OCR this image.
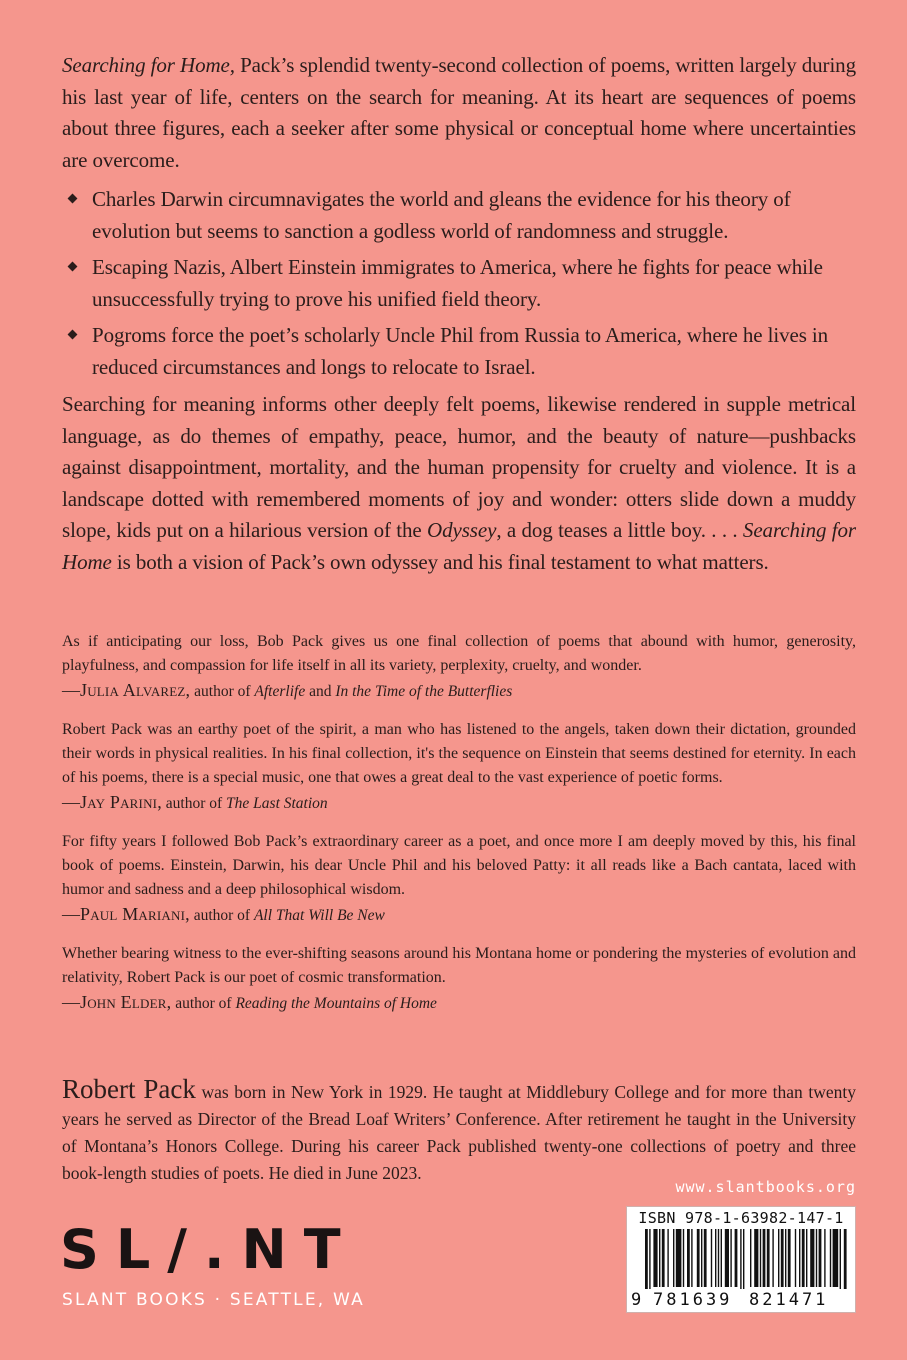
Searching for Home, Pack’s splendid twenty-second collection of poems, written largely during his last year of life, centers on the search for meaning. At its heart are sequences of poems about three figures, each a seeker after some physical or conceptual home where uncertainties are overcome.

Charles Darwin circumnavigates the world and gleans the evidence for his theory of evolution but seems to sanction a godless world of randomness and struggle.
Escaping Nazis, Albert Einstein immigrates to America, where he fights for peace while unsuccessfully trying to prove his unified field theory.
Pogroms force the poet’s scholarly Uncle Phil from Russia to America, where he lives in reduced circumstances and longs to relocate to Israel.

Searching for meaning informs other deeply felt poems, likewise rendered in supple metrical language, as do themes of empathy, peace, humor, and the beauty of nature—pushbacks against disappointment, mortality, and the human propensity for cruelty and violence. It is a landscape dotted with remembered moments of joy and wonder: otters slide down a muddy slope, kids put on a hilarious version of the Odyssey, a dog teases a little boy. . . . Searching for Home is both a vision of Pack’s own odyssey and his final testament to what matters.

As if anticipating our loss, Bob Pack gives us one final collection of poems that abound with humor, generosity, playfulness, and compassion for life itself in all its variety, perplexity, cruelty, and wonder.
—Julia Alvarez, author of Afterlife and In the Time of the Butterflies
Robert Pack was an earthy poet of the spirit, a man who has listened to the angels, taken down their dictation, grounded their words in physical realities. In his final collection, it's the sequence on Einstein that seems destined for eternity. In each of his poems, there is a special music, one that owes a great deal to the vast experience of poetic forms.
—Jay Parini, author of The Last Station
For fifty years I followed Bob Pack’s extraordinary career as a poet, and once more I am deeply moved by this, his final book of poems. Einstein, Darwin, his dear Uncle Phil and his beloved Patty: it all reads like a Bach cantata, laced with humor and sadness and a deep philosophical wisdom.
—Paul Mariani, author of All That Will Be New
Whether bearing witness to the ever-shifting seasons around his Montana home or pondering the mysteries of evolution and relativity, Robert Pack is our poet of cosmic transformation.
—John Elder, author of Reading the Mountains of Home
Robert Pack was born in New York in 1929. He taught at Middlebury College and for more than twenty years he served as Director of the Bread Loaf Writers’ Conference. After retirement he taught in the University of Montana’s Honors College. During his career Pack published twenty-one collections of poetry and three book-length studies of poets. He died in June 2023.
SL/.NT
SLANT BOOKS · SEATTLE, WA
www.slantbooks.org
ISBN 978-1-63982-147-1
9 781639 821471
